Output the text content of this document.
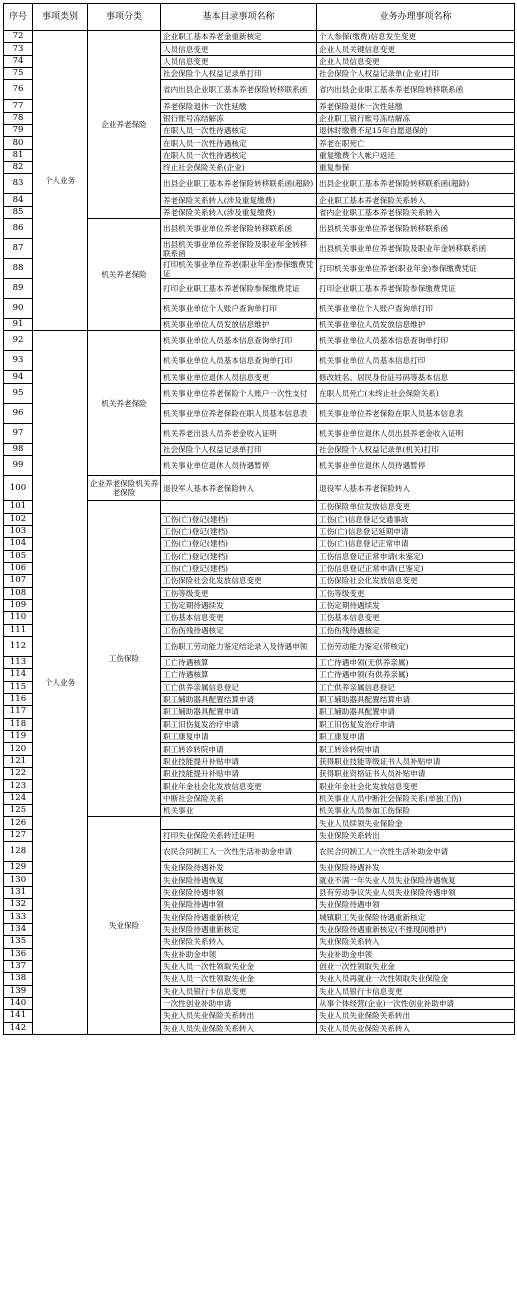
序号	事项类别	事项分类	基本目录事项名称	业务办理事项名称
72	个人业务	企业养老保险	企业职工基本养老金重新核定	个人参保(缴费)信息发生变更
73			人员信息变更	企业人员关键信息变更
74			人员信息变更	企业人员信息变更
75			社会保险个人权益记录单打印	社会保险个人权益记录单(企业)打印
76			省内出县企业职工基本养老保险转移联系函	省内出县企业职工基本养老保险转移联系函
77			养老保险退休一次性延缴	养老保险退休一次性延缴
78			银行账号冻结解冻	企业职工银行账号冻结解冻
79			在职人员一次性待遇核定	退休时缴费不足15年自愿退保的
80			在职人员一次性待遇核定	养老在职死亡
81			在职人员一次性待遇核定	重复缴费个人帐户返还
82			终止社会保险关系(企业)	重复参保
83			出县企业职工基本养老保险转移联系函(超龄)	出县企业职工基本养老保险转移联系函(超龄)
84			养老保险关系转入(涉及重复缴费)	企业职工基本养老保险关系转入
85			养老保险关系转入(涉及重复缴费)	省内企业职工基本养老保险关系转入
86		机关养老保险	出县机关事业单位养老保险转移联系函	出县机关事业单位养老保险转移联系函
87			出县机关事业单位养老保险及职业年金转移联系函	出县机关事业单位养老保险及职业年金转移联系函
88			打印机关事业单位养老(职业年金)参保缴费凭证	打印机关事业单位养老(职业年金)参保缴费凭证
89			打印企业职工基本养老保险参保缴费凭证	打印企业职工基本养老保险参保缴费凭证
90			机关事业单位个人账户查询单打印	机关事业单位个人账户查询单打印
91			机关事业单位人员发放信息维护	机关事业单位人员发放信息维护
92	个人业务	机关养老保险	机关事业单位人员基本信息查询单打印	机关事业单位人员基本信息查询单打印
93			机关事业单位人员基本信息查询单打印	机关事业单位人员基本信息打印
94			机关事业单位退休人员信息变更	修改姓名、居民身份证号码等基本信息
95			机关事业单位养老保险个人账户一次性支付	在职人员死亡(未终止社会保险关系)
96			机关事业单位养老保险在职人员基本信息表	机关事业单位养老保险在职人员基本信息表
97			机关养老出县人员养老金收入证明	机关事业单位退休人员出县养老金收入证明
98			社会保险个人权益记录单打印	社会保险个人权益记录单(机关)打印
99			机关事业单位退休人员待遇暂停	机关事业单位退休人员待遇暂停
100		企业养老保险机关养老保险	退役军人基本养老保险转入	退役军人基本养老保险转入
101		工伤保险		工伤保险单位发放信息变更
102			工伤(亡)登记(建档)	工伤(亡)信息登记交通事故
103			工伤(亡)登记(建档)	工伤(亡)信息登记延期申请
104			工伤(亡)登记(建档)	工伤(亡)信息登记正常申请
105			工伤(亡)登记(建档)	工伤信息登记正常申请(未鉴定)
106			工伤(亡)登记(建档)	工伤信息登记正常申请(已鉴定)
107			工伤保险社会化发放信息变更	工伤保险社会化发放信息变更
108			工伤等级变更	工伤等级变更
109			工伤定期待遇续发	工伤定期待遇续发
110			工伤基本信息变更	工伤基本信息变更
111			工伤伤残待遇核定	工伤伤残待遇核定
112			工伤职工劳动能力鉴定结论录入及待遇申领	工伤劳动能力鉴定(带核定)
113			工亡待遇核算	工亡待遇申领(无供养亲属)
114			工亡待遇核算	工亡待遇申领(有供养亲属)
115			工亡供养亲属信息登记	工亡供养亲属信息登记
116			职工辅助器具配置结算申请	职工辅助器具配置结算申请
117			职工辅助器具配置申请	职工辅助器具配置申请
118			职工旧伤复发治疗申请	职工旧伤复发治疗申请
119			职工康复申请	职工康复申请
120			职工转诊转院申请	职工转诊转院申请
121			职业技能提升补贴申请	获得职业技能等级证书人员补贴申请
122			职业技能提升补贴申请	获得职业资格证书人员补贴申请
123			职业年金社会化发放信息变更	职业年金社会化发放信息变更
124			中断社会保险关系	机关事业人员中断社会保险关系(单独工伤)
125			机关事业	机关事业人员参加工伤保险
126		失业保险		失业人员续领失业保险金
127			打印失业保险关系转迁证明	失业保险关系转出
128			农民合同制工人一次性生活补助金申请	农民合同制工人一次性生活补助金申请
129			失业保险待遇补发	失业保险待遇补发
130			失业保险待遇恢复	就业不满一年失业人员失业保险待遇恢复
131			失业保险待遇申领	县有劳动争议失业人员失业保险待遇申领
132			失业保险待遇申领	失业保险待遇申领
133			失业保险待遇重新核定	城镇职工失业保险待遇重新核定
134			失业保险待遇重新核定	失业保险待遇重新核定(不推现间维护)
135			失业保险关系转入	失业保险关系转入
136			失业补助金申领	失业补助金申领
137			失业人员一次性领取失业金	创业一次性领取失业金
138			失业人员一次性领取失业金	失业人员再就业一次性领取失业保险金
139			失业人员银行卡信息变更	失业人员银行卡信息变更
140			一次性创业补助申请	从事个体经营(企业)一次性创业补助申请
141			失业人员失业保险关系转出	失业人员失业保险关系转出
142			失业人员失业保险关系转入	失业人员失业保险关系转入
